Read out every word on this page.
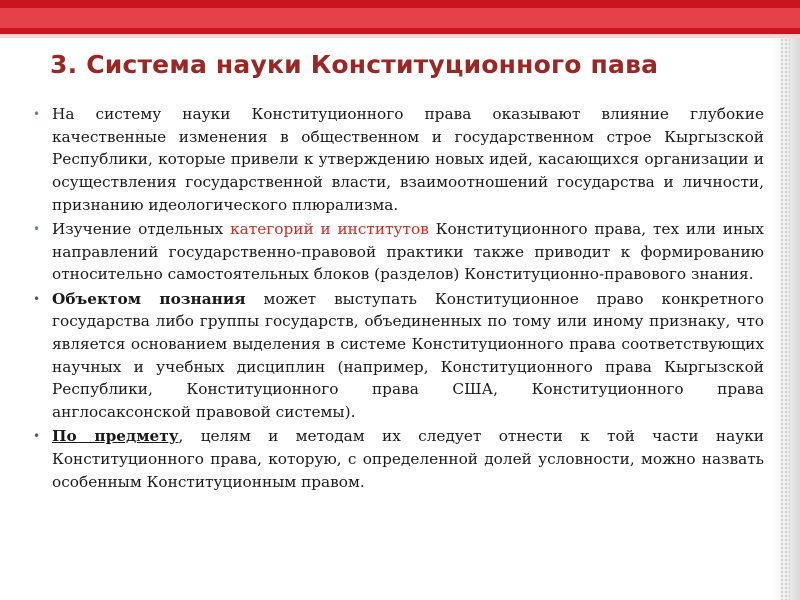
3. Система науки Конституционного пава
• На систему науки Конституционного права оказывают влияние глубокие качественные изменения в общественном и государственном строе Кыргызской Республики, которые привели к утверждению новых идей, касающихся организации и осуществления государственной власти, взаимоотношений государства и личности, признанию идеологического плюрализма.
• Изучение отдельных категорий и институтов Конституционного права, тех или иных направлений государственно-правовой практики также приводит к формированию относительно самостоятельных блоков (разделов) Конституционно-правового знания.
• Объектом познания может выступать Конституционное право конкретного государства либо группы государств, объединенных по тому или иному признаку, что является основанием выделения в системе Конституционного права соответствующих научных и учебных дисциплин (например, Конституционного права Кыргызской Республики, Конституционного права США, Конституционного права англосаксонской правовой системы).
• По предмету, целям и методам их следует отнести к той части науки Конституционного права, которую, с определенной долей условности, можно назвать особенным Конституционным правом.
